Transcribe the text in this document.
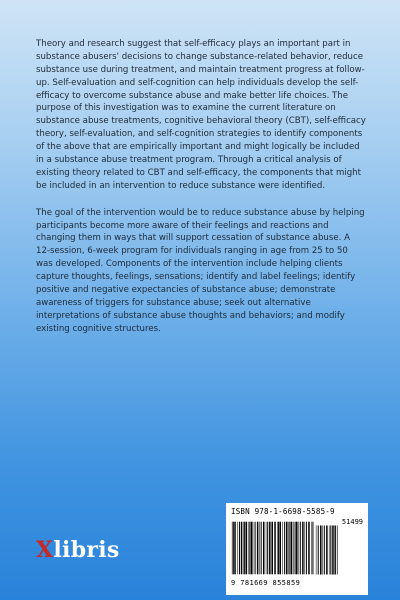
Theory and research suggest that self-efficacy plays an important part in substance abusers' decisions to change substance-related behavior, reduce substance use during treatment, and maintain treatment progress at follow-up. Self-evaluation and self-cognition can help individuals develop the self-efficacy to overcome substance abuse and make better life choices. The purpose of this investigation was to examine the current literature on substance abuse treatments, cognitive behavioral theory (CBT), self-efficacy theory, self-evaluation, and self-cognition strategies to identify components of the above that are empirically important and might logically be included in a substance abuse treatment program. Through a critical analysis of existing theory related to CBT and self-efficacy, the components that might be included in an intervention to reduce substance were identified.

The goal of the intervention would be to reduce substance abuse by helping participants become more aware of their feelings and reactions and changing them in ways that will support cessation of substance abuse. A 12-session, 6-week program for individuals ranging in age from 25 to 50 was developed. Components of the intervention include helping clients capture thoughts, feelings, sensations; identify and label feelings; identify positive and negative expectancies of substance abuse; demonstrate awareness of triggers for substance abuse; seek out alternative interpretations of substance abuse thoughts and behaviors; and modify existing cognitive structures.

Xlibris
ISBN 978-1-6698-5585-9
51499
9 781669 855859
